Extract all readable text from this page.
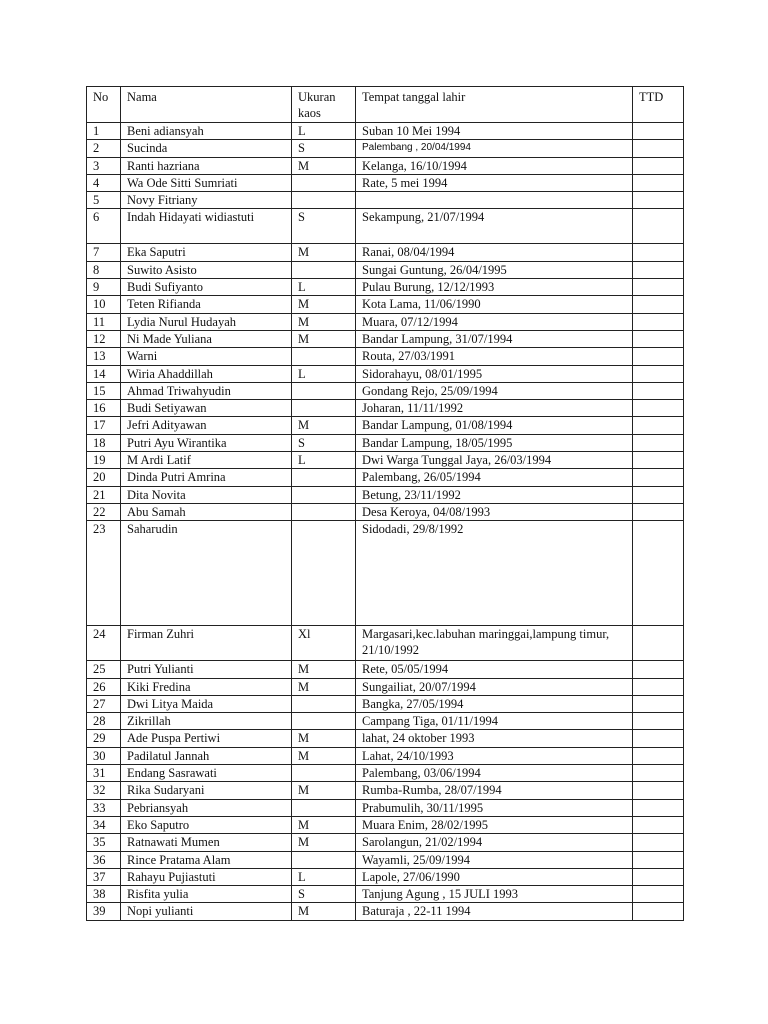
No	Nama	Ukuran kaos	Tempat tanggal lahir	TTD
1	Beni adiansyah	L	Suban 10 Mei 1994	
2	Sucinda	S	Palembang , 20/04/1994	
3	Ranti hazriana	M	Kelanga, 16/10/1994	
4	Wa Ode Sitti Sumriati		Rate, 5 mei 1994	
5	Novy Fitriany			
6	Indah Hidayati widiastuti	S	Sekampung, 21/07/1994	
7	Eka Saputri	M	Ranai, 08/04/1994	
8	Suwito Asisto		Sungai Guntung, 26/04/1995	
9	Budi Sufiyanto	L	Pulau Burung, 12/12/1993	
10	Teten Rifianda	M	Kota Lama, 11/06/1990	
11	Lydia Nurul Hudayah	M	Muara, 07/12/1994	
12	Ni Made Yuliana	M	Bandar Lampung, 31/07/1994	
13	Warni		Routa, 27/03/1991	
14	Wiria Ahaddillah	L	Sidorahayu, 08/01/1995	
15	Ahmad Triwahyudin		Gondang Rejo, 25/09/1994	
16	Budi Setiyawan		Joharan, 11/11/1992	
17	Jefri Adityawan	M	Bandar Lampung, 01/08/1994	
18	Putri Ayu Wirantika	S	Bandar Lampung, 18/05/1995	
19	M Ardi Latif	L	Dwi Warga Tunggal Jaya, 26/03/1994	
20	Dinda Putri Amrina		Palembang, 26/05/1994	
21	Dita Novita		Betung, 23/11/1992	
22	Abu Samah		Desa Keroya, 04/08/1993	
23	Saharudin		Sidodadi, 29/8/1992	
24	Firman Zuhri	Xl	Margasari,kec.labuhan maringgai,lampung timur, 21/10/1992	
25	Putri Yulianti	M	Rete, 05/05/1994	
26	Kiki Fredina	M	Sungailiat, 20/07/1994	
27	Dwi Litya Maida		Bangka, 27/05/1994	
28	Zikrillah		Campang Tiga, 01/11/1994	
29	Ade Puspa Pertiwi	M	lahat, 24 oktober 1993	
30	Padilatul Jannah	M	Lahat, 24/10/1993	
31	Endang Sasrawati		Palembang, 03/06/1994	
32	Rika Sudaryani	M	Rumba-Rumba, 28/07/1994	
33	Pebriansyah		Prabumulih, 30/11/1995	
34	Eko Saputro	M	Muara Enim, 28/02/1995	
35	Ratnawati Mumen	M	Sarolangun, 21/02/1994	
36	Rince Pratama Alam		Wayamli, 25/09/1994	
37	Rahayu Pujiastuti	L	Lapole, 27/06/1990	
38	Risfita yulia	S	Tanjung Agung , 15 JULI 1993	
39	Nopi yulianti	M	Baturaja , 22-11 1994	
